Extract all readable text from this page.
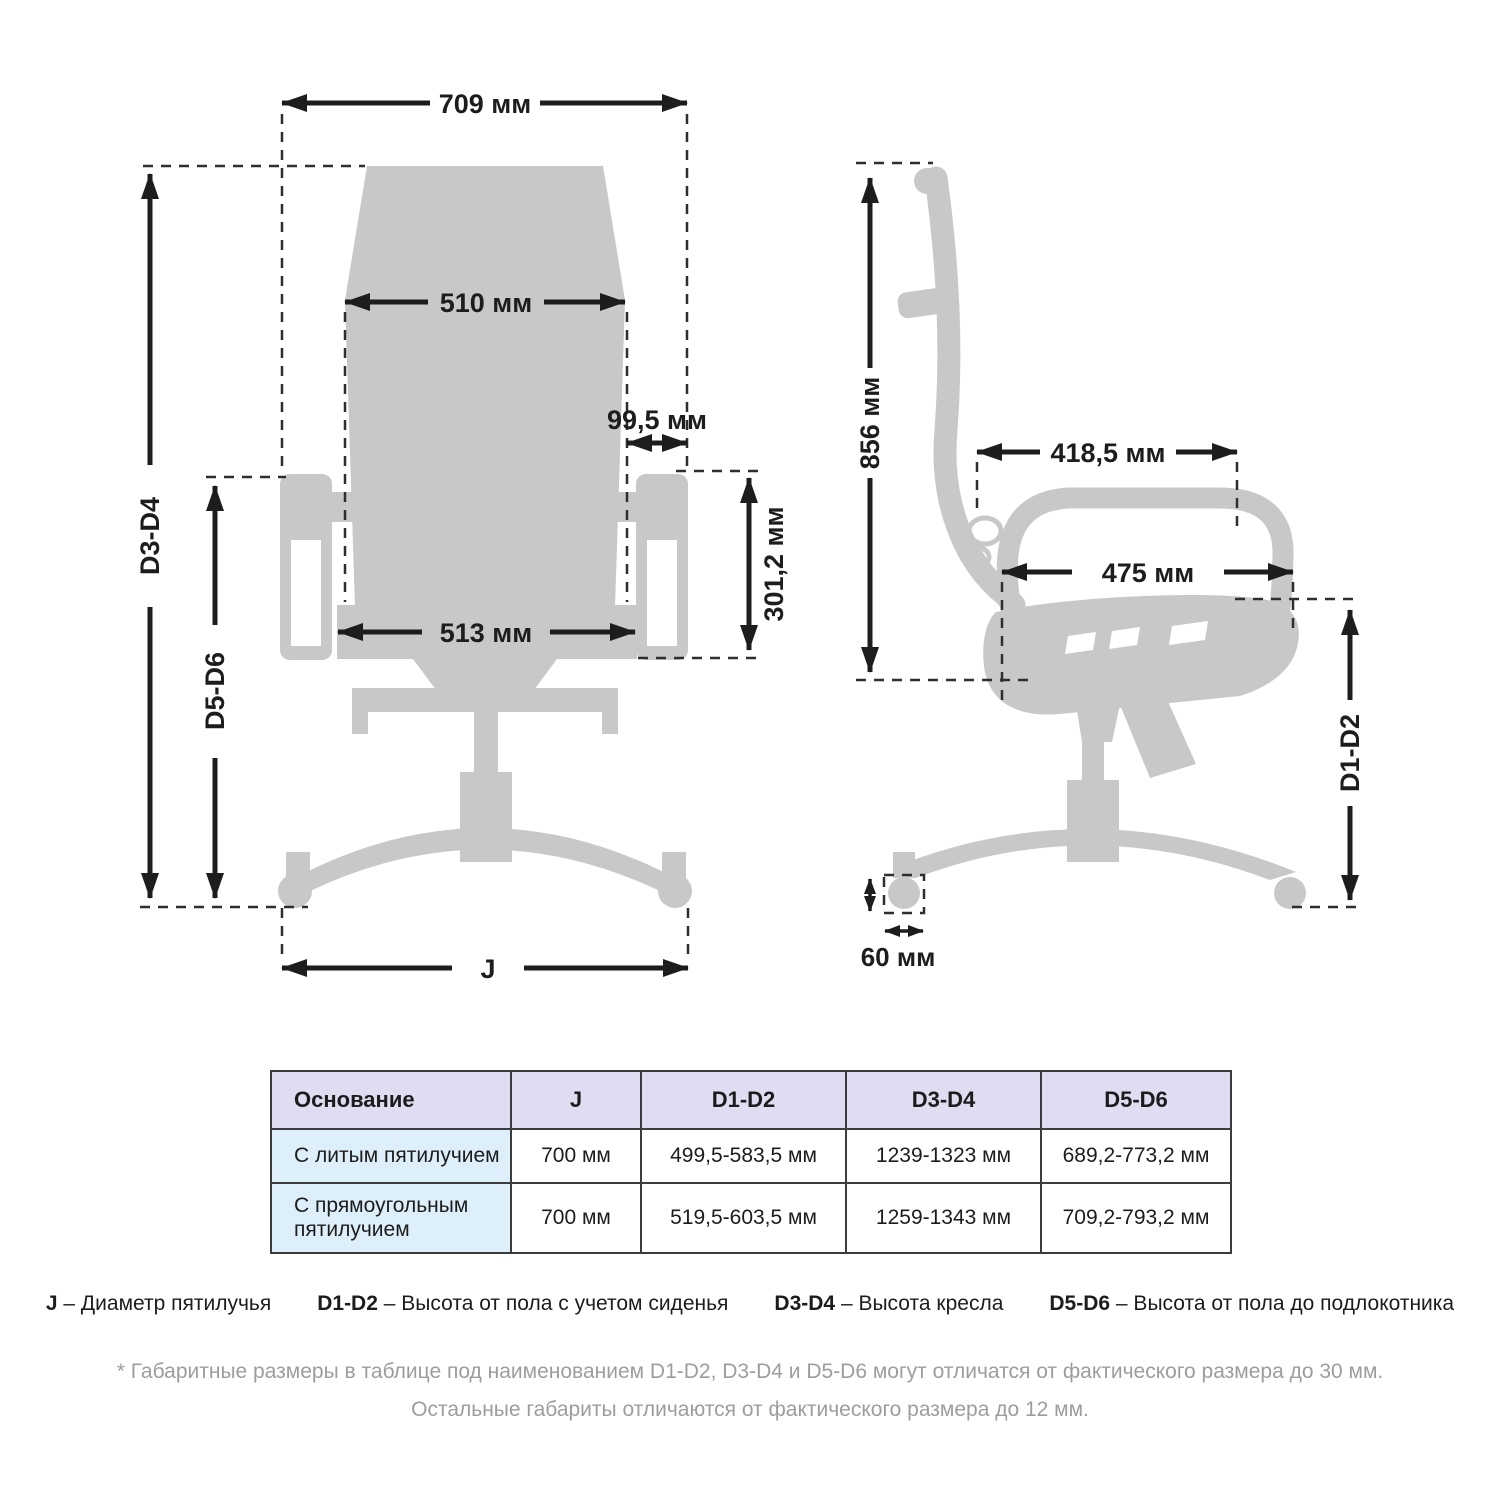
709 мм
D3-D4
D5-D6
510 мм
99,5 мм
301,2 мм
513 мм
J
856 мм	418,5 мм
475 мм
D1-D2
60 мм
Основание	J	D1-D2	D3-D4	D5-D6
С литым пятилучием	700 мм	499,5-583,5 мм	1239-1323 мм	689,2-773,2 мм
С прямоугольным пятилучием	700 мм	519,5-603,5 мм	1259-1343 мм	709,2-793,2 мм
J – Диаметр пятилучья D1-D2 – Высота от пола с учетом сиденья D3-D4 – Высота кресла D5-D6 – Высота от пола до подлокотника
* Габаритные размеры в таблице под наименованием D1-D2, D3-D4 и D5-D6 могут отличатся от фактического размера до 30 мм.
Остальные габариты отличаются от фактического размера до 12 мм.
